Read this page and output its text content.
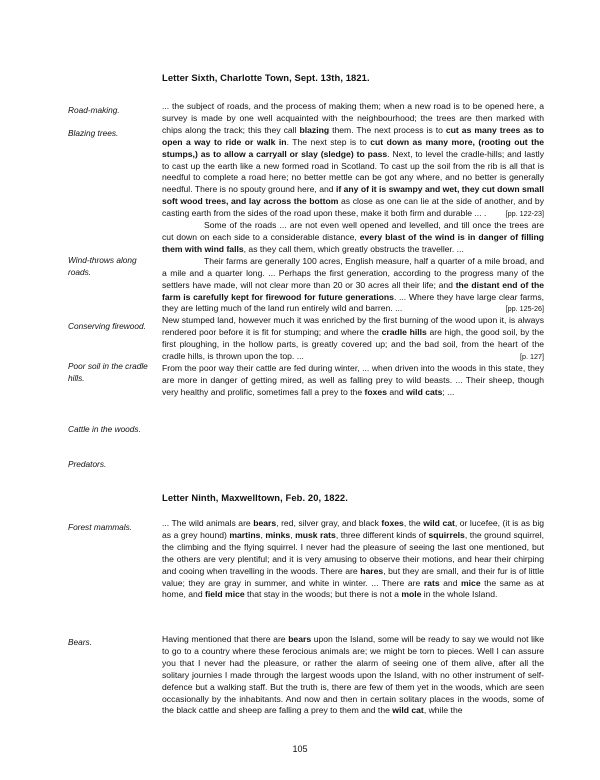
Letter Sixth, Charlotte Town, Sept. 13th, 1821.
Road-making.
Blazing trees.
Wind-throws along roads.
Conserving firewood.
Poor soil in the cradle hills.
Cattle in the woods.
Predators.

... the subject of roads, and the process of making them; when a new road is to be opened here, a survey is made by one well acquainted with the neighbourhood; the trees are then marked with chips along the track; this they call blazing them. The next process is to cut as many trees as to open a way to ride or walk in. The next step is to cut down as many more, (rooting out the stumps,) as to allow a carryall or slay (sledge) to pass. Next, to level the cradle-hills; and lastly to cast up the earth like a new formed road in Scotland. To cast up the soil from the rib is all that is needful to complete a road here; no better mettle can be got any where, and no better is generally needful. There is no spouty ground here, and if any of it is swampy and wet, they cut down small soft wood trees, and lay across the bottom as close as one can lie at the side of another, and by casting earth from the sides of the road upon these, make it both firm and durable ... .	[pp. 122-23]

Some of the roads ... are not even well opened and levelled, and till once the trees are cut down on each side to a considerable distance, every blast of the wind is in danger of filling them with wind falls, as they call them, which greatly obstructs the traveller. ...

Their farms are generally 100 acres, English measure, half a quarter of a mile broad, and a mile and a quarter long. ... Perhaps the first generation, according to the progress many of the settlers have made, will not clear more than 20 or 30 acres all their life; and the distant end of the farm is carefully kept for firewood for future generations. ... Where they have large clear farms, they are letting much of the land run entirely wild and barren. ...	[pp. 125-26]

New stumped land, however much it was enriched by the first burning of the wood upon it, is always rendered poor before it is fit for stumping; and where the cradle hills are high, the good soil, by the first ploughing, in the hollow parts, is greatly covered up; and the bad soil, from the heart of the cradle hills, is thrown upon the top. ...	[p. 127]

From the poor way their cattle are fed during winter, ... when driven into the woods in this state, they are more in danger of getting mired, as well as falling prey to wild beasts. ... Their sheep, though very healthy and prolific, sometimes fall a prey to the foxes and wild cats; ...

Letter Ninth, Maxwelltown, Feb. 20, 1822.
Forest mammals.
Bears.

... The wild animals are bears, red, silver gray, and black foxes, the wild cat, or lucefee, (it is as big as a grey hound) martins, minks, musk rats, three different kinds of squirrels, the ground squirrel, the climbing and the flying squirrel. I never had the pleasure of seeing the last one mentioned, but the others are very plentiful; and it is very amusing to observe their motions, and hear their chirping and cooing when travelling in the woods. There are hares, but they are small, and their fur is of little value; they are gray in summer, and white in winter. ... There are rats and mice the same as at home, and field mice that stay in the woods; but there is not a mole in the whole Island.

Having mentioned that there are bears upon the Island, some will be ready to say we would not like to go to a country where these ferocious animals are; we might be torn to pieces. Well I can assure you that I never had the pleasure, or rather the alarm of seeing one of them alive, after all the solitary journies I made through the largest woods upon the Island, with no other instrument of self-defence but a walking staff. But the truth is, there are few of them yet in the woods, which are seen occasionally by the inhabitants. And now and then in certain solitary places in the woods, some of the black cattle and sheep are falling a prey to them and the wild cat, while the

105
